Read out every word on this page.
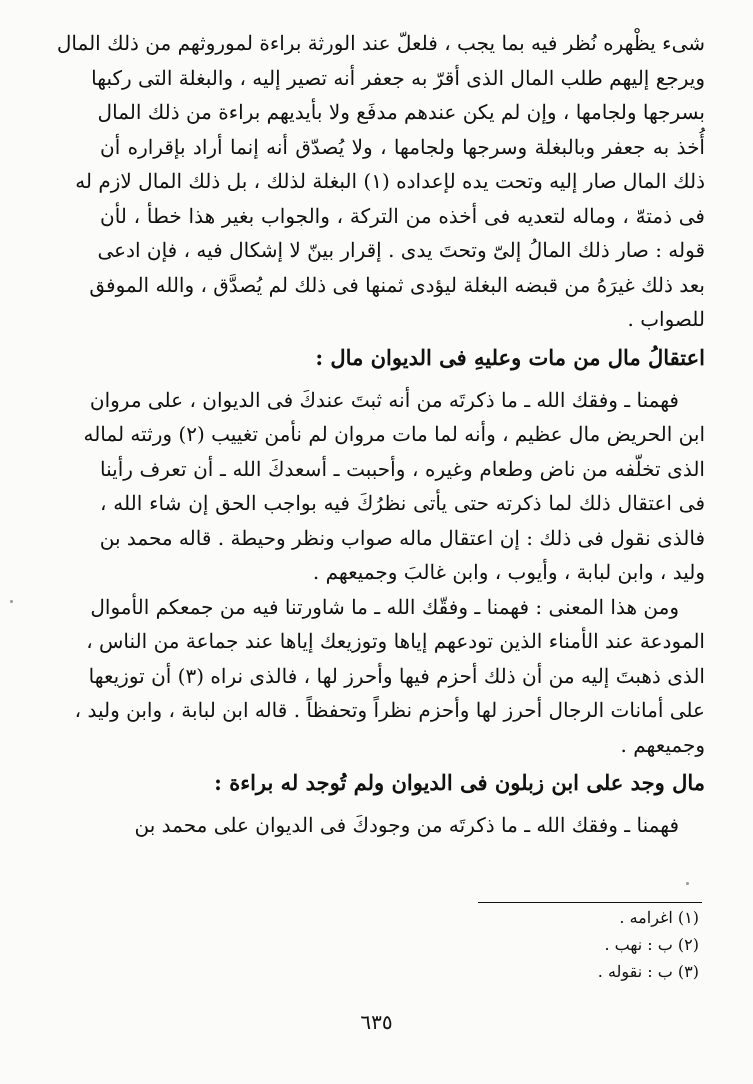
شىء يظْهره نُظر فيه بما يجب ، فلعلّ عند الورثة براءة لموروثهم من ذلك المال
ويرجع إليهم طلب المال الذى أقرّ به جعفر أنه تصير إليه ، والبغلة التى ركبها
بسرجها ولجامها ، وإن لم يكن عندهم مدفَع ولا بأيديهم براءة من ذلك المال
أُخذ به جعفر وبالبغلة وسرجها ولجامها ، ولا يُصدّق أنه إنما أراد بإقراره أن
ذلك المال صار إليه وتحت يده لإعداده (١) البغلة لذلك ، بل ذلك المال لازم له
فى ذمتهّ ، وماله لتعديه فى أخذه من التركة ، والجواب بغير هذا خطأ ، لأن
قوله : صار ذلك المالُ إلىّ وتحتَ يدى . إقرار بينّ لا إشكال فيه ، فإن ادعى
بعد ذلك غيرَهُ من قبضه البغلة ليؤدى ثمنها فى ذلك لم يُصدَّق ، والله الموفق
للصواب .
اعتقالُ مال من مات وعليهِ فى الديوان مال :
فهمنا ـ وفقك الله ـ ما ذكرتَه من أنه ثبتَ عندكَ فى الديوان ، على مروان
ابن الحريض مال عظيم ، وأنه لما مات مروان لم نأمن تغييب (٢) ورثته لماله
الذى تخلّفه من ناض وطعام وغيره ، وأحببت ـ أسعدكَ الله ـ أن تعرف رأينا
فى اعتقال ذلك لما ذكرته حتى يأتى نظرُكَ فيه بواجب الحق إن شاء الله ،
فالذى نقول فى ذلك : إن اعتقال ماله صواب ونظر وحيطة . قاله محمد بن
وليد ، وابن لبابة ، وأيوب ، وابن غالبَ وجميعهم .
ومن هذا المعنى : فهمنا ـ وفقّك الله ـ ما شاورتنا فيه من جمعكم الأموال
المودعة عند الأمناء الذين تودعهم إياها وتوزيعك إياها عند جماعة من الناس ،
الذى ذهبتَ إليه من أن ذلك أحزم فيها وأحرز لها ، فالذى نراه (٣) أن توزيعها
على أمانات الرجال أحرز لها وأحزم نظراً وتحفظاً . قاله ابن لبابة ، وابن وليد ،
وجميعهم .
مال وجد على ابن زبلون فى الديوان ولم تُوجد له براءة :
فهمنا ـ وفقك الله ـ ما ذكرتَه من وجودكَ فى الديوان على محمد بن
(١) اغرامه .
(٢) ب : نهب .
(٣) ب : نقوله .
٦٣٥
